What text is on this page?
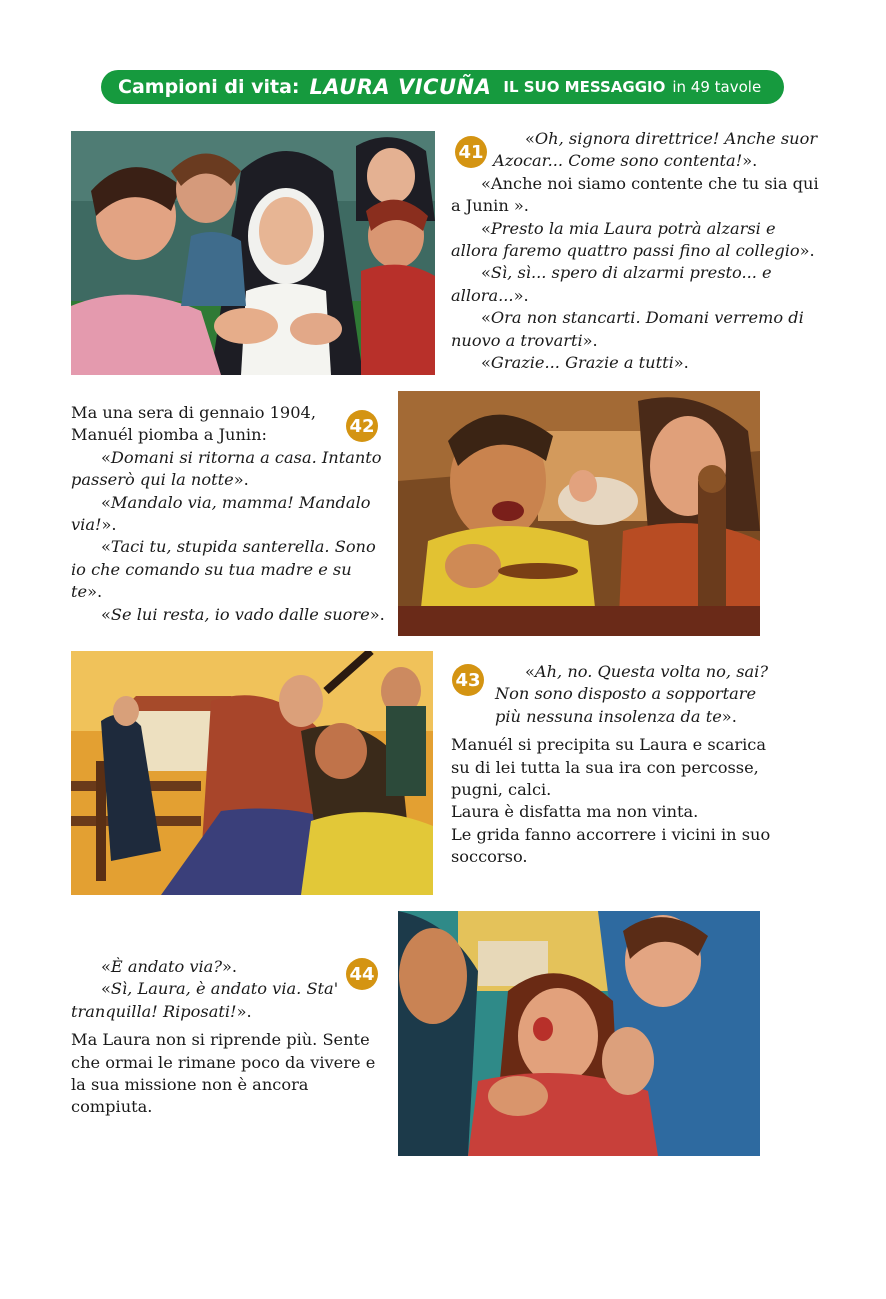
Campioni di vita: LAURA VICUÑA IL SUO MESSAGGIO in 49 tavole
41

«Oh, signora direttrice! Anche suor Azocar... Come sono contenta!».

«Anche noi siamo contente che tu sia qui a Junin ».

«Presto la mia Laura potrà alzarsi e allora faremo quattro passi fino al collegio».

«Sì, sì... spero di alzarmi presto... e allora...».

«Ora non stancarti. Domani verremo di nuovo a trovarti».

«Grazie... Grazie a tutti».

Ma una sera di gennaio 1904, Manuél piomba a Junin:

«Domani si ritorna a casa. Intanto passerò qui la notte».

«Mandalo via, mamma! Mandalo via!».

«Taci tu, stupida santerella. Sono io che comando su tua madre e su te».

«Se lui resta, io vado dalle suore».

42
43	«Ah, no. Questa volta no, sai? Non sono disposto a sopportare più nessuna insolenza da te».

Manuél si precipita su Laura e scarica su di lei tutta la sua ira con percosse, pugni, calci.

Laura è disfatta ma non vinta.

Le grida fanno accorrere i vicini in suo soccorso.

«È andato via?».

«Sì, Laura, è andato via. Sta' tranquilla! Riposati!».

Ma Laura non si riprende più. Sente che ormai le rimane poco da vivere e la sua missione non è ancora compiuta.

44
